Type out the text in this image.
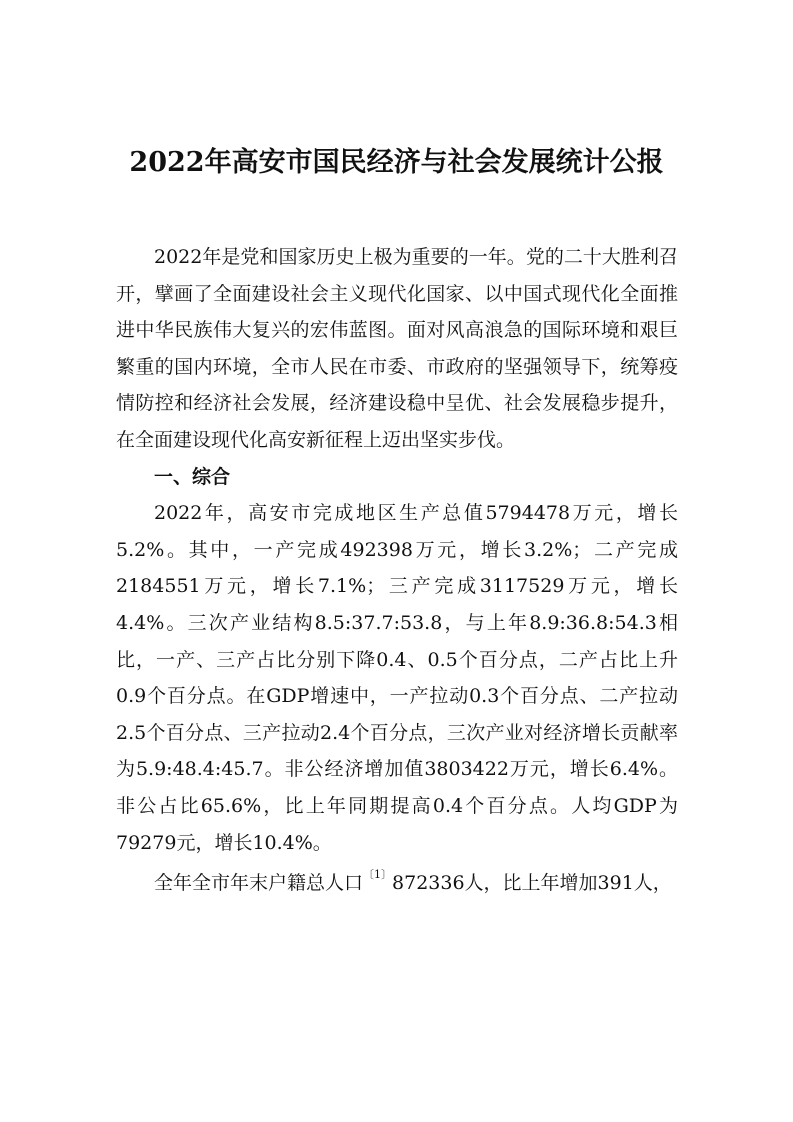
2022年高安市国民经济与社会发展统计公报

2022年是党和国家历史上极为重要的一年。党的二十大胜利召开，擘画了全面建设社会主义现代化国家、以中国式现代化全面推进中华民族伟大复兴的宏伟蓝图。面对风高浪急的国际环境和艰巨繁重的国内环境，全市人民在市委、市政府的坚强领导下，统筹疫情防控和经济社会发展，经济建设稳中呈优、社会发展稳步提升，在全面建设现代化高安新征程上迈出坚实步伐。

一、综合

2022年，高安市完成地区生产总值5794478万元，增长5.2%。其中，一产完成492398万元，增长3.2%；二产完成2184551万元，增长7.1%；三产完成3117529万元，增长4.4%。三次产业结构8.5:37.7:53.8，与上年8.9:36.8:54.3相比，一产、三产占比分别下降0.4、0.5个百分点，二产占比上升0.9个百分点。在GDP增速中，一产拉动0.3个百分点、二产拉动2.5个百分点、三产拉动2.4个百分点，三次产业对经济增长贡献率为5.9:48.4:45.7。非公经济增加值3803422万元，增长6.4%。非公占比65.6%，比上年同期提高0.4个百分点。人均GDP为79279元，增长10.4%。

全年全市年末户籍总人口$^{〔1〕}$872336人，比上年增加391人，
